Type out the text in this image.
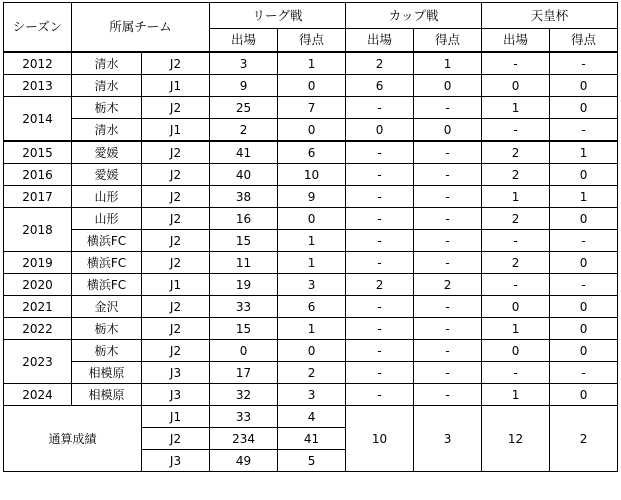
シーズン	所属チーム		リーグ戦		カップ戦		天皇杯	
			出場	得点	出場	得点	出場	得点
2012	清水	J2	3	1	2	1	-	-
2013	清水	J1	9	0	6	0	0	0
2014	栃木	J2	25	7	-	-	1	0
	清水	J1	2	0	0	0	-	-
2015	愛媛	J2	41	6	-	-	2	1
2016	愛媛	J2	40	10	-	-	2	0
2017	山形	J2	38	9	-	-	1	1
2018	山形	J2	16	0	-	-	2	0
	横浜FC	J2	15	1	-	-	-	-
2019	横浜FC	J2	11	1	-	-	2	0
2020	横浜FC	J1	19	3	2	2	-	-
2021	金沢	J2	33	6	-	-	0	0
2022	栃木	J2	15	1	-	-	1	0
2023	栃木	J2	0	0	-	-	0	0
	相模原	J3	17	2	-	-	-	-
2024	相模原	J3	32	3	-	-	1	0
通算成績		J1	33	4	10	3	12	2
		J2	234	41				
		J3	49	5				
